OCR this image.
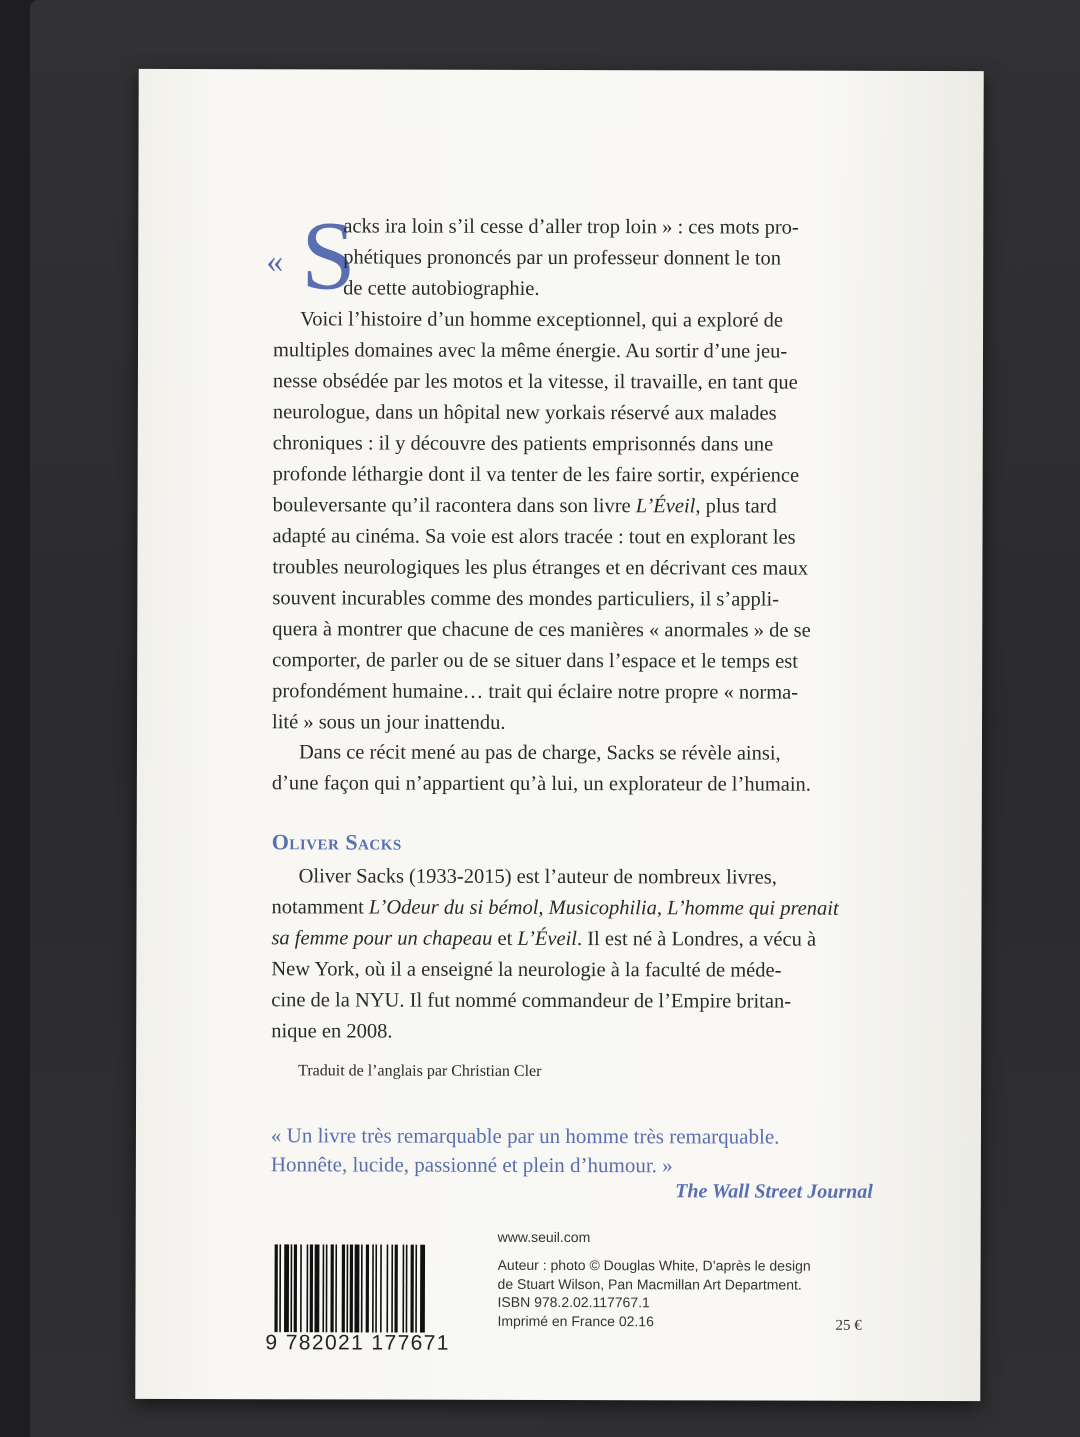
« S
acks ira loin s’il cesse d’aller trop loin » : ces mots pro-
phétiques prononcés par un professeur donnent le ton
de cette autobiographie.
Voici l’histoire d’un homme exceptionnel, qui a exploré de
multiples domaines avec la même énergie. Au sortir d’une jeu-
nesse obsédée par les motos et la vitesse, il travaille, en tant que
neurologue, dans un hôpital new yorkais réservé aux malades
chroniques : il y découvre des patients emprisonnés dans une
profonde léthargie dont il va tenter de les faire sortir, expérience
bouleversante qu’il racontera dans son livre L’Éveil, plus tard
adapté au cinéma. Sa voie est alors tracée : tout en explorant les
troubles neurologiques les plus étranges et en décrivant ces maux
souvent incurables comme des mondes particuliers, il s’appli-
quera à montrer que chacune de ces manières « anormales » de se
comporter, de parler ou de se situer dans l’espace et le temps est
profondément humaine… trait qui éclaire notre propre « norma-
lité » sous un jour inattendu.
Dans ce récit mené au pas de charge, Sacks se révèle ainsi,
d’une façon qui n’appartient qu’à lui, un explorateur de l’humain.
Oliver Sacks
Oliver Sacks (1933-2015) est l’auteur de nombreux livres,
notamment L’Odeur du si bémol, Musicophilia, L’homme qui prenait
sa femme pour un chapeau et L’Éveil. Il est né à Londres, a vécu à
New York, où il a enseigné la neurologie à la faculté de méde-
cine de la NYU. Il fut nommé commandeur de l’Empire britan-
nique en 2008.
Traduit de l’anglais par Christian Cler
« Un livre très remarquable par un homme très remarquable.
Honnête, lucide, passionné et plein d’humour. »
The Wall Street Journal
9 782021 177671
www.seuil.com
Auteur : photo © Douglas White, D’après le design
de Stuart Wilson, Pan Macmillan Art Department.
ISBN 978.2.02.117767.1
Imprimé en France 02.16	25 €
